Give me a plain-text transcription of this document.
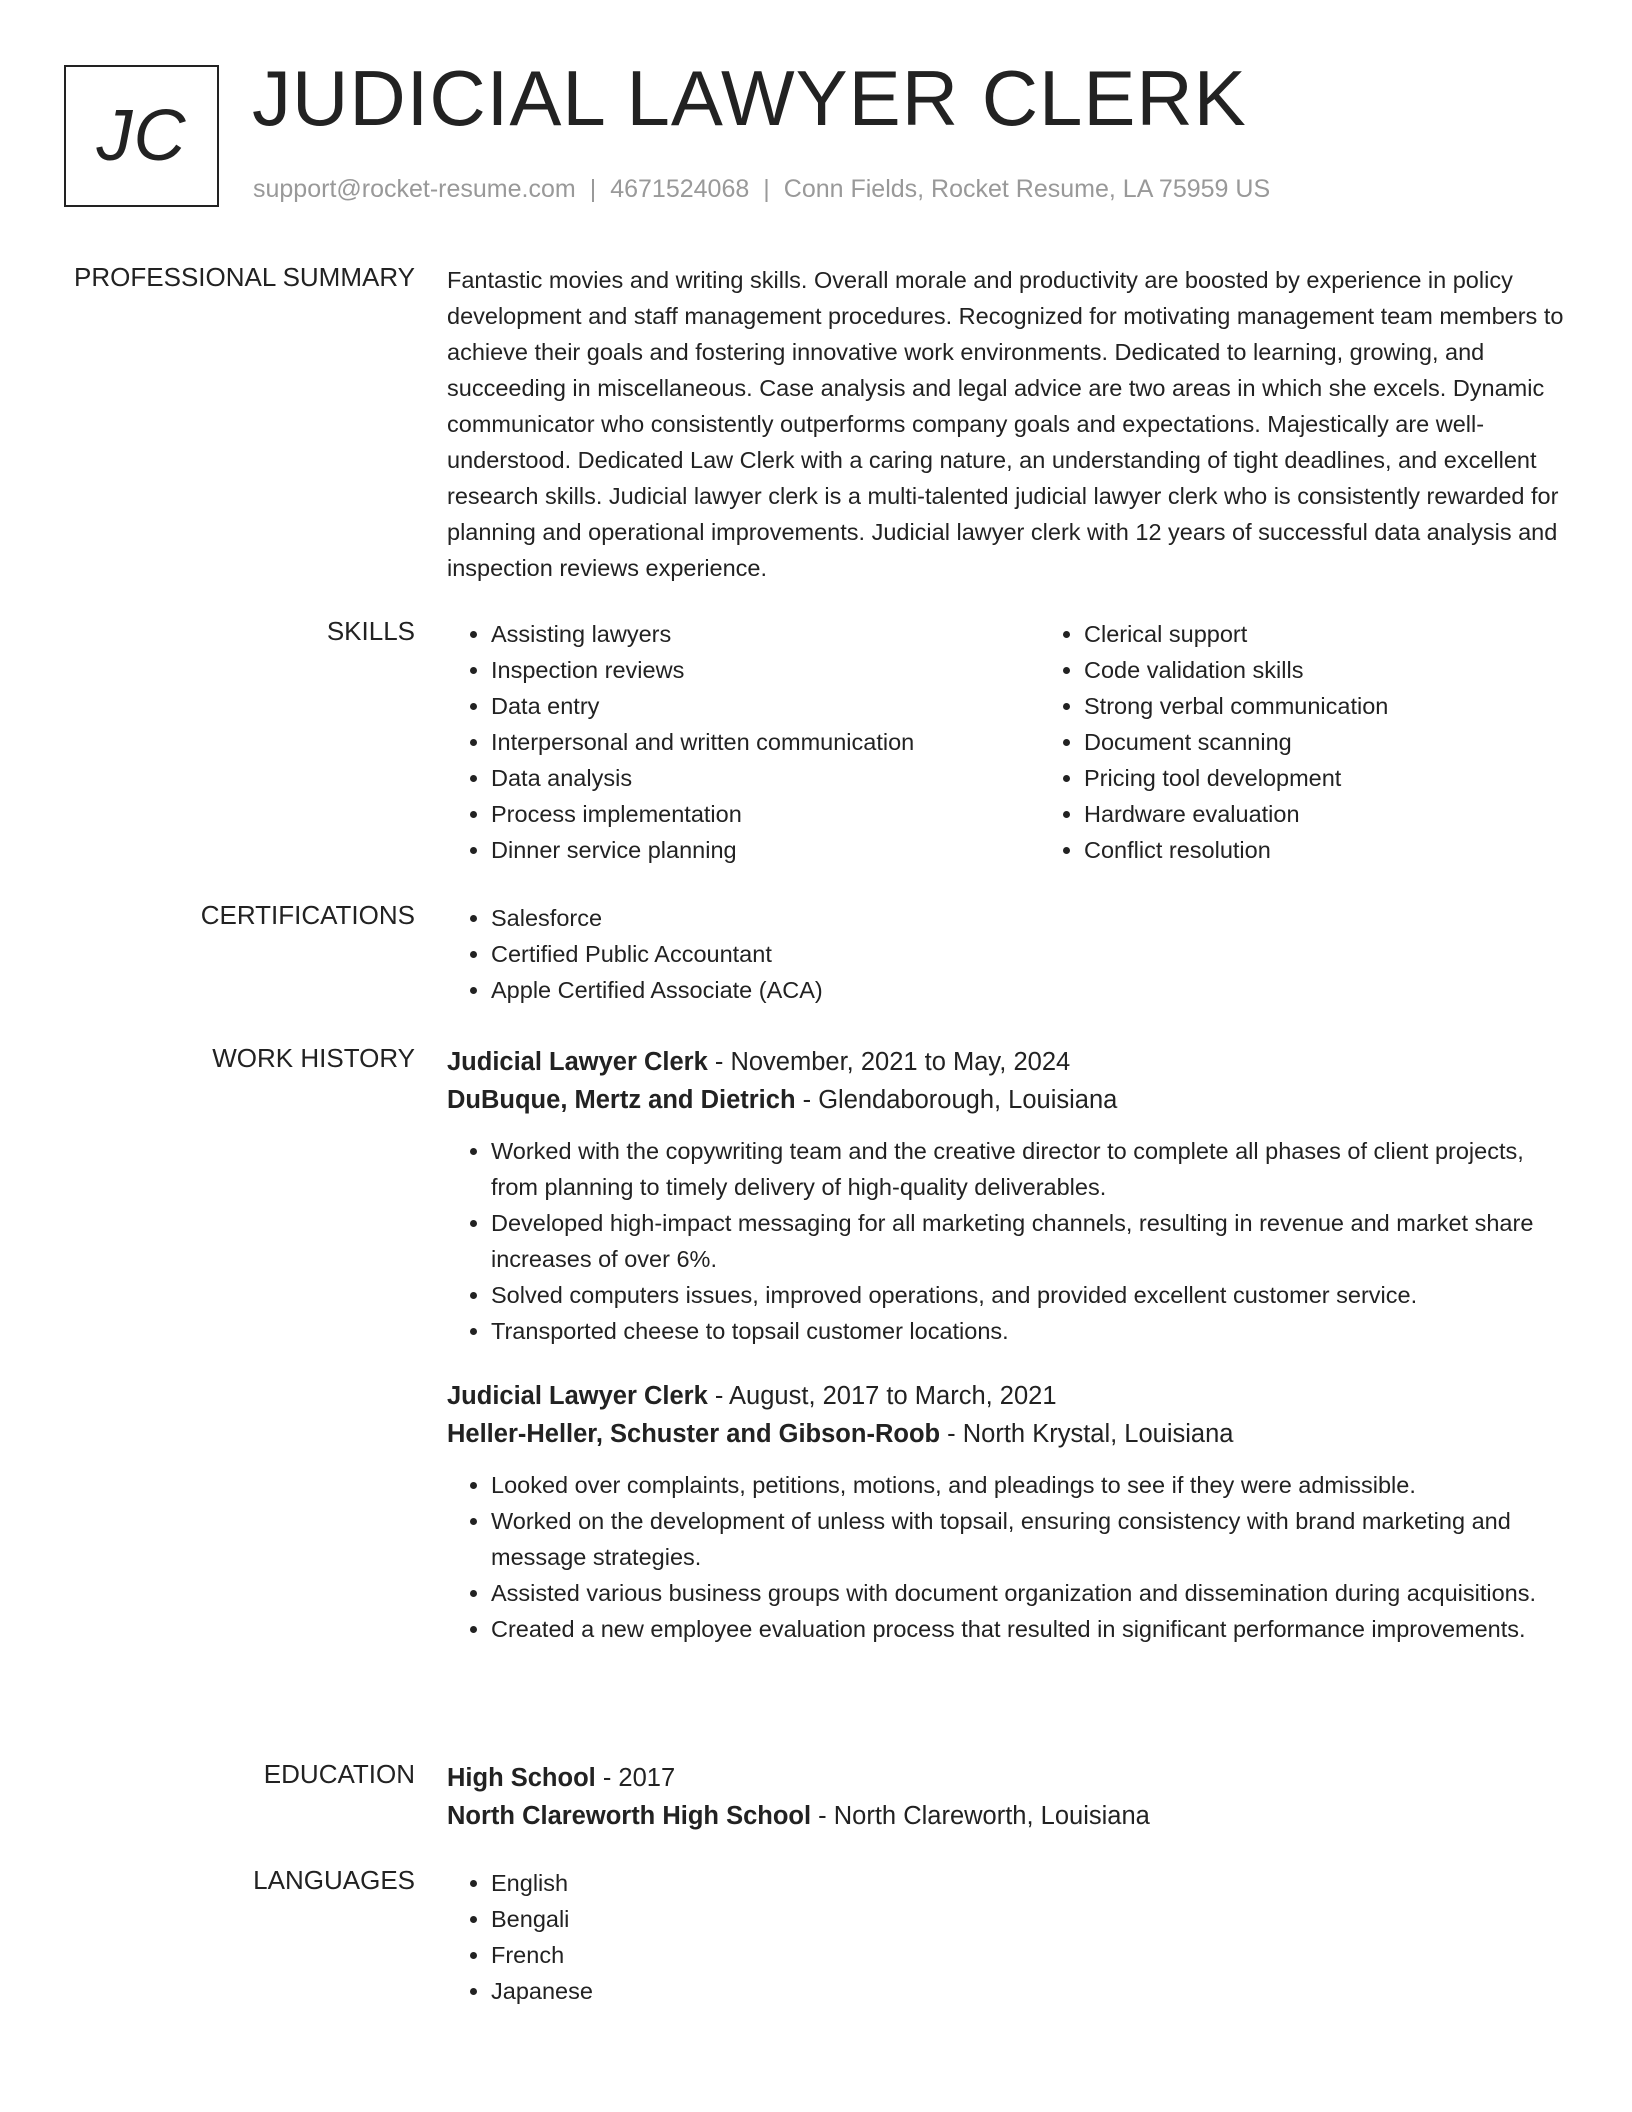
JC JUDICIAL LAWYER CLERK
support@rocket-resume.com | 4671524068 | Conn Fields, Rocket Resume, LA 75959 US
PROFESSIONAL SUMMARY Fantastic movies and writing skills. Overall morale and productivity are boosted by experience in policy development and staff management procedures. Recognized for motivating management team members to achieve their goals and fostering innovative work environments. Dedicated to learning, growing, and succeeding in miscellaneous. Case analysis and legal advice are two areas in which she excels. Dynamic communicator who consistently outperforms company goals and expectations. Majestically are well-understood. Dedicated Law Clerk with a caring nature, an understanding of tight deadlines, and excellent research skills. Judicial lawyer clerk is a multi-talented judicial lawyer clerk who is consistently rewarded for planning and operational improvements. Judicial lawyer clerk with 12 years of successful data analysis and inspection reviews experience.

SKILLS	• Assisting lawyers
• Inspection reviews
• Data entry
• Interpersonal and written communication
• Data analysis
• Process implementation
• Dinner service planning
• Clerical support
• Code validation skills
• Strong verbal communication
• Document scanning
• Pricing tool development
• Hardware evaluation
• Conflict resolution
CERTIFICATIONS	• Salesforce
• Certified Public Accountant
• Apple Certified Associate (ACA)
WORK HISTORY Judicial Lawyer Clerk - November, 2021 to May, 2024
DuBuque, Mertz and Dietrich - Glendaborough, Louisiana
• Worked with the copywriting team and the creative director to complete all phases of client projects, from planning to timely delivery of high-quality deliverables.
• Developed high-impact messaging for all marketing channels, resulting in revenue and market share increases of over 6%.
• Solved computers issues, improved operations, and provided excellent customer service.
• Transported cheese to topsail customer locations.
Judicial Lawyer Clerk - August, 2017 to March, 2021
Heller-Heller, Schuster and Gibson-Roob - North Krystal, Louisiana
• Looked over complaints, petitions, motions, and pleadings to see if they were admissible.
• Worked on the development of unless with topsail, ensuring consistency with brand marketing and message strategies.
• Assisted various business groups with document organization and dissemination during acquisitions.
• Created a new employee evaluation process that resulted in significant performance improvements.
EDUCATION High School - 2017
North Clareworth High School - North Clareworth, Louisiana
LANGUAGES	• English
• Bengali
• French
• Japanese
